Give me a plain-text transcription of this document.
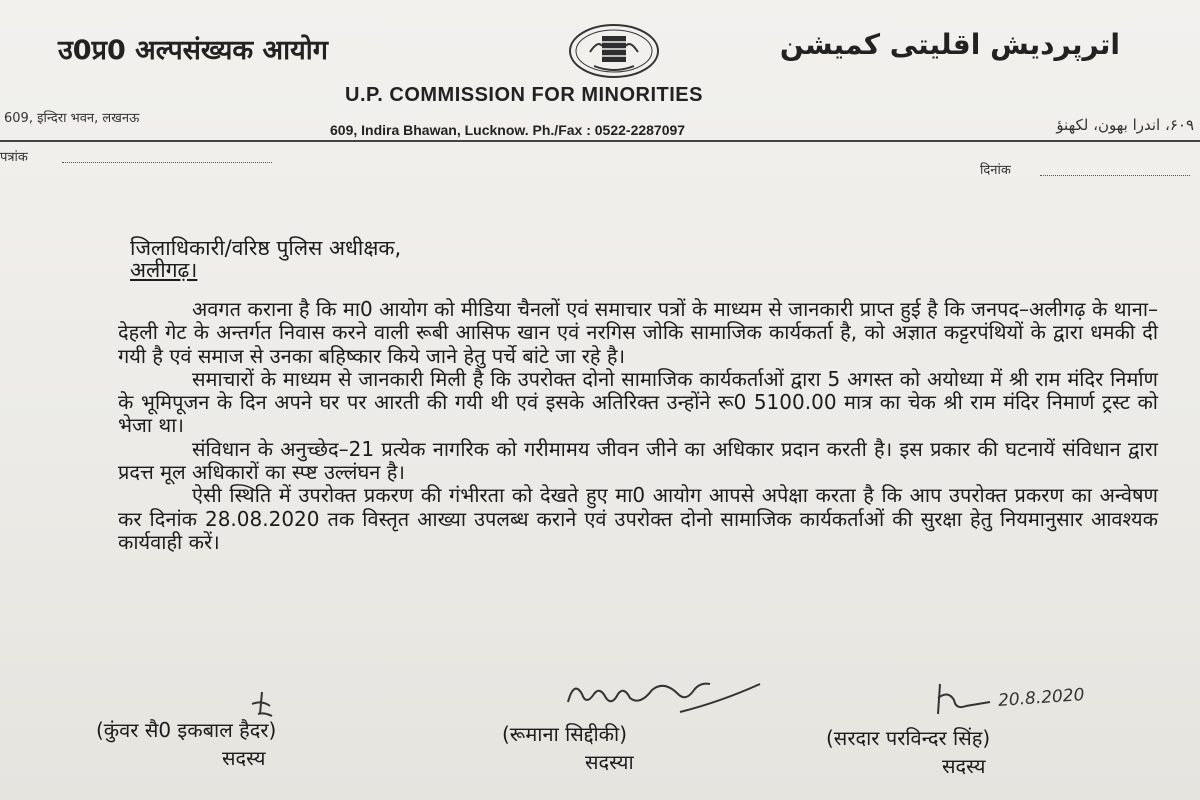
उ0प्र0 अल्पसंख्यक आयोग	اترپردیش اقلیتی کمیشن
U.P. COMMISSION FOR MINORITIES
609, इन्दिरा भवन, लखनऊ
609, Indira Bhawan, Lucknow. Ph./Fax : 0522-2287097	۶۰۹، اندرا بھون، لکھنؤ
पत्रांक
दिनांक
जिलाधिकारी/वरिष्ठ पुलिस अधीक्षक,
अलीगढ़।

अवगत कराना है कि मा0 आयोग को मीडिया चैनलों एवं समाचार पत्रों के माध्यम से जानकारी प्राप्त हुई है कि जनपद–अलीगढ़ के थाना–देहली गेट के अन्तर्गत निवास करने वाली रूबी आसिफ खान एवं नरगिस जोकि सामाजिक कार्यकर्ता है, को अज्ञात कट्टरपंथियों के द्वारा धमकी दी गयी है एवं समाज से उनका बहिष्कार किये जाने हेतु पर्चे बांटे जा रहे है।

समाचारों के माध्यम से जानकारी मिली है कि उपरोक्त दोनो सामाजिक कार्यकर्ताओं द्वारा 5 अगस्त को अयोध्या में श्री राम मंदिर निर्माण के भूमिपूजन के दिन अपने घर पर आरती की गयी थी एवं इसके अतिरिक्त उन्होंने रू0 5100.00 मात्र का चेक श्री राम मंदिर निमार्ण ट्रस्ट को भेजा था।

संविधान के अनुच्छेद–21 प्रत्येक नागरिक को गरीमामय जीवन जीने का अधिकार प्रदान करती है। इस प्रकार की घटनायें संविधान द्वारा प्रदत्त मूल अधिकारों का स्प्ष्ट उल्लंघन है।

ऐसी स्थिति में उपरोक्त प्रकरण की गंभीरता को देखते हुए मा0 आयोग आपसे अपेक्षा करता है कि आप उपरोक्त प्रकरण का अन्वेषण कर दिनांक 28.08.2020 तक विस्तृत आख्या उपलब्ध कराने एवं उपरोक्त दोनो सामाजिक कार्यकर्ताओं की सुरक्षा हेतु नियमानुसार आवश्यक कार्यवाही करें।

20.8.2020
(कुंवर सै0 इकबाल हैदर)
सदस्य
(रूमाना सिद्दीकी)
सदस्या
(सरदार परविन्दर सिंह)
सदस्य
